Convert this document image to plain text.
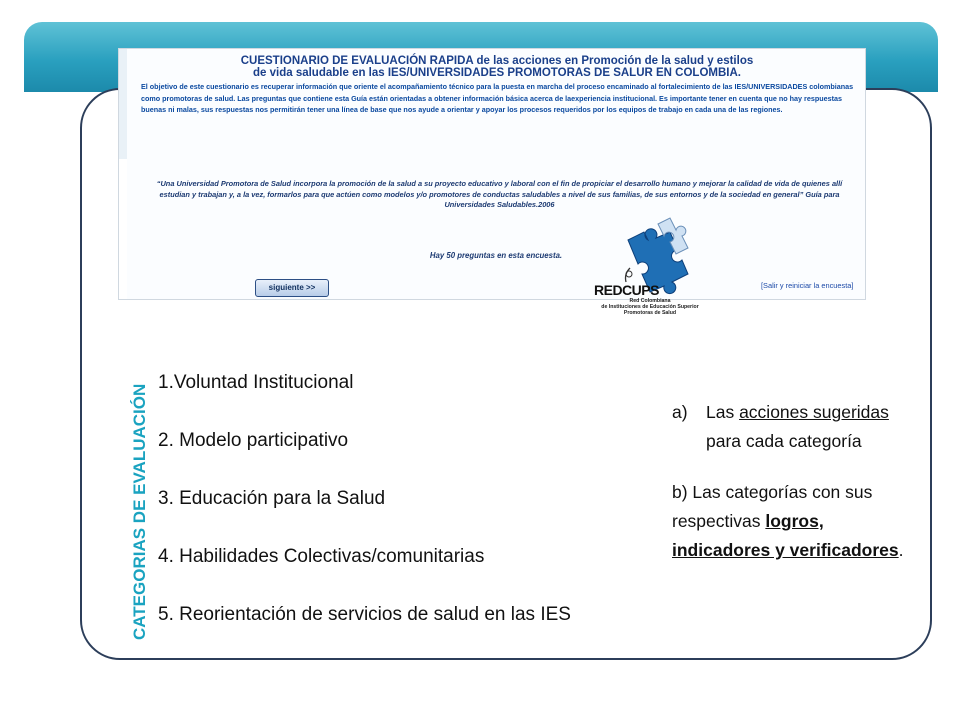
CUESTIONARIO DE EVALUACIÓN RAPIDA de las acciones en Promoción de la salud y estilos
de vida saludable en las IES/UNIVERSIDADES PROMOTORAS DE SALUR EN COLOMBIA.
El objetivo de este cuestionario es recuperar información que oriente el acompañamiento técnico para la puesta en marcha del proceso encaminado al fortalecimiento de las IES/UNIVERSIDADES colombianas como promotoras de salud. Las preguntas que contiene esta Guía están orientadas a obtener información básica acerca de laexperiencia institucional. Es importante tener en cuenta que no hay respuestas buenas ni malas, sus respuestas nos permitirán tener una línea de base que nos ayude a orientar y apoyar los procesos requeridos por los equipos de trabajo en cada una de las regiones.
“Una Universidad Promotora de Salud incorpora la promoción de la salud a su proyecto educativo y laboral con el fin de propiciar el desarrollo humano y mejorar la calidad de vida de quienes allí estudian y trabajan y, a la vez, formarlos para que actúen como modelos y/o promotores de conductas saludables a nivel de sus familias, de sus entornos y de la sociedad en general” Guía para Universidades Saludables.2006
Hay 50 preguntas en esta encuesta.
siguiente >>	[Salir y reiniciar la encuesta]
REDCUPS
Red Colombiana
de Instituciones de Educación Superior
Promotoras de Salud
CATEGORIAS DE EVALUACIÓN
1.Voluntad Institucional
2. Modelo participativo
3. Educación para la Salud
4. Habilidades Colectivas/comunitarias
5. Reorientación de servicios de salud en las IES
a)	Las acciones sugeridas para cada categoría
b) Las categorías con sus respectivas logros, indicadores y verificadores.
